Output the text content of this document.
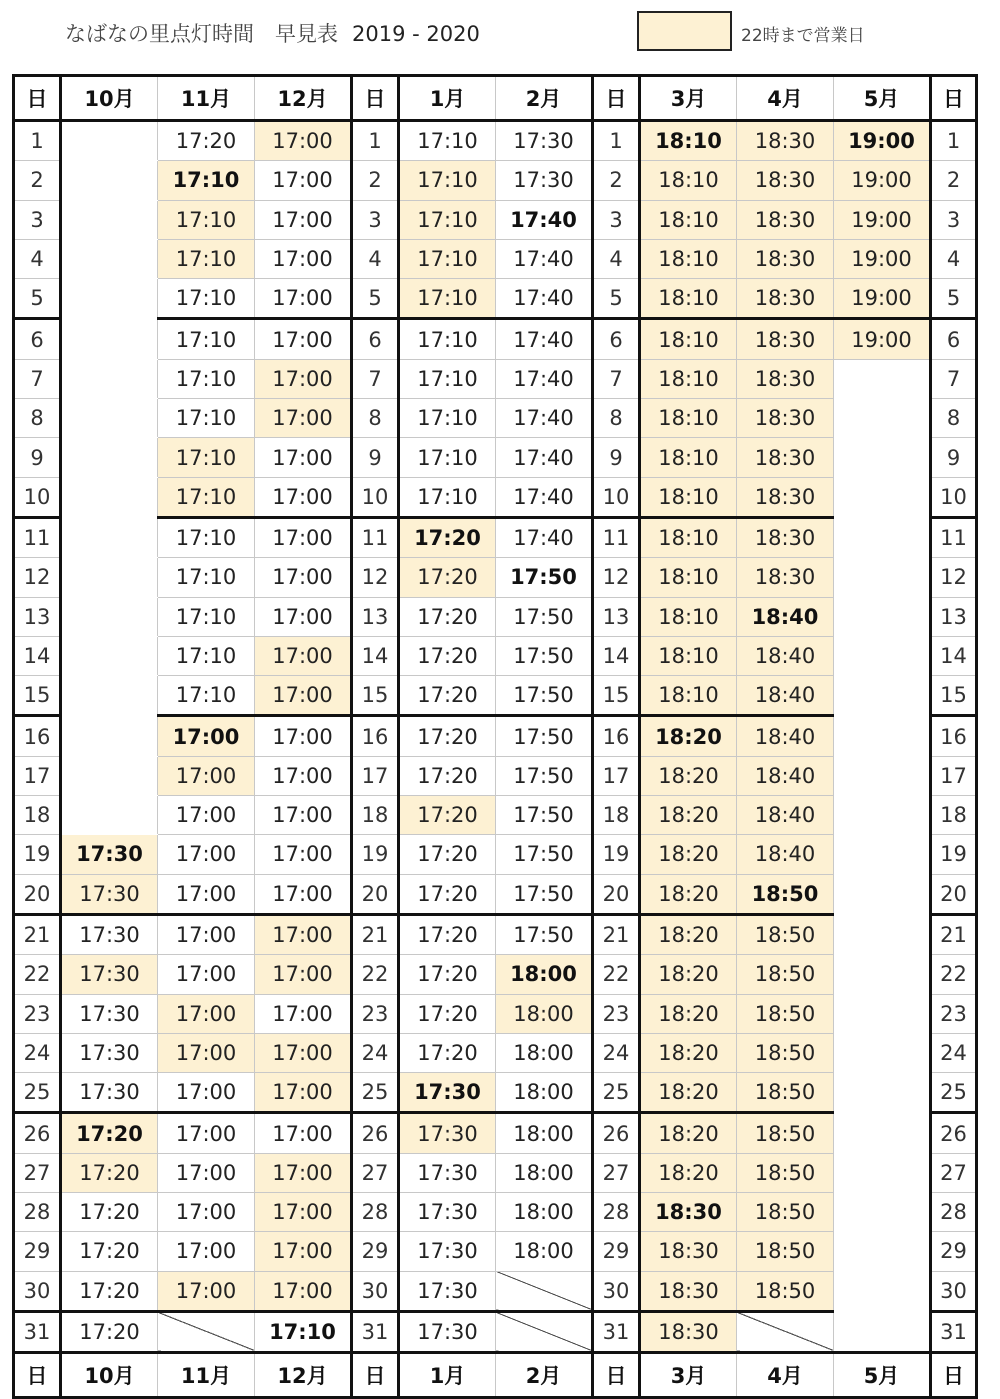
なばなの里点灯時間　早見表 2019 - 2020	22時まで営業日
日	10月	11月	12月	日	1月	2月	日	3月	4月	5月	日
1		17:20	17:00	1	17:10	17:30	1	18:10	18:30	19:00	1
2		17:10	17:00	2	17:10	17:30	2	18:10	18:30	19:00	2
3		17:10	17:00	3	17:10	17:40	3	18:10	18:30	19:00	3
4		17:10	17:00	4	17:10	17:40	4	18:10	18:30	19:00	4
5		17:10	17:00	5	17:10	17:40	5	18:10	18:30	19:00	5
6		17:10	17:00	6	17:10	17:40	6	18:10	18:30	19:00	6
7		17:10	17:00	7	17:10	17:40	7	18:10	18:30		7
8		17:10	17:00	8	17:10	17:40	8	18:10	18:30		8
9		17:10	17:00	9	17:10	17:40	9	18:10	18:30		9
10		17:10	17:00	10	17:10	17:40	10	18:10	18:30		10
11		17:10	17:00	11	17:20	17:40	11	18:10	18:30		11
12		17:10	17:00	12	17:20	17:50	12	18:10	18:30		12
13		17:10	17:00	13	17:20	17:50	13	18:10	18:40		13
14		17:10	17:00	14	17:20	17:50	14	18:10	18:40		14
15		17:10	17:00	15	17:20	17:50	15	18:10	18:40		15
16		17:00	17:00	16	17:20	17:50	16	18:20	18:40		16
17		17:00	17:00	17	17:20	17:50	17	18:20	18:40		17
18		17:00	17:00	18	17:20	17:50	18	18:20	18:40		18
19	17:30	17:00	17:00	19	17:20	17:50	19	18:20	18:40		19
20	17:30	17:00	17:00	20	17:20	17:50	20	18:20	18:50		20
21	17:30	17:00	17:00	21	17:20	17:50	21	18:20	18:50		21
22	17:30	17:00	17:00	22	17:20	18:00	22	18:20	18:50		22
23	17:30	17:00	17:00	23	17:20	18:00	23	18:20	18:50		23
24	17:30	17:00	17:00	24	17:20	18:00	24	18:20	18:50		24
25	17:30	17:00	17:00	25	17:30	18:00	25	18:20	18:50		25
26	17:20	17:00	17:00	26	17:30	18:00	26	18:20	18:50		26
27	17:20	17:00	17:00	27	17:30	18:00	27	18:20	18:50		27
28	17:20	17:00	17:00	28	17:30	18:00	28	18:30	18:50		28
29	17:20	17:00	17:00	29	17:30	18:00	29	18:30	18:50		29
30	17:20	17:00	17:00	30	17:30		30	18:30	18:50		30
31	17:20		17:10	31	17:30		31	18:30			31
日	10月	11月	12月	日	1月	2月	日	3月	4月	5月	日
